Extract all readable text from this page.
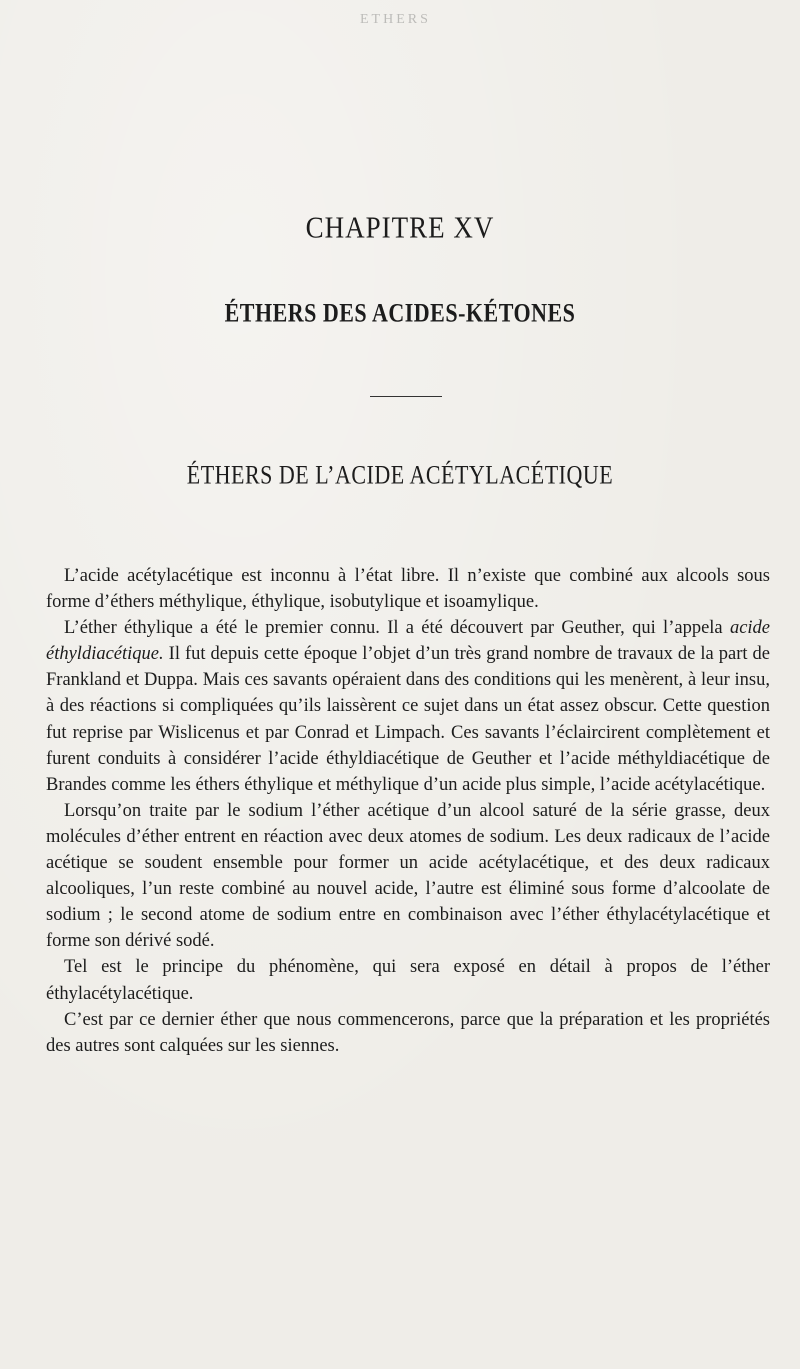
ETHERS
CHAPITRE XV
ÉTHERS DES ACIDES-KÉTONES
ÉTHERS DE L’ACIDE ACÉTYLACÉTIQUE

L’acide acétylacétique est inconnu à l’état libre. Il n’existe que combiné aux alcools sous forme d’éthers méthylique, éthylique, isobutylique et isoamylique.

L’éther éthylique a été le premier connu. Il a été découvert par Geuther, qui l’appela acide éthyldiacétique. Il fut depuis cette époque l’objet d’un très grand nombre de travaux de la part de Frankland et Duppa. Mais ces savants opéraient dans des conditions qui les menèrent, à leur insu, à des réactions si compliquées qu’ils laissèrent ce sujet dans un état assez obscur. Cette question fut reprise par Wislicenus et par Conrad et Limpach. Ces savants l’éclaircirent complètement et furent conduits à considérer l’acide éthyldiacétique de Geuther et l’acide méthyldiacétique de Brandes comme les éthers éthylique et méthylique d’un acide plus simple, l’acide acétylacétique.

Lorsqu’on traite par le sodium l’éther acétique d’un alcool saturé de la série grasse, deux molécules d’éther entrent en réaction avec deux atomes de sodium. Les deux radicaux de l’acide acétique se soudent ensemble pour former un acide acétylacétique, et des deux radicaux alcooliques, l’un reste combiné au nouvel acide, l’autre est éliminé sous forme d’alcoolate de sodium ; le second atome de sodium entre en combinaison avec l’éther éthylacétylacétique et forme son dérivé sodé.

Tel est le principe du phénomène, qui sera exposé en détail à propos de l’éther éthylacétylacétique.

C’est par ce dernier éther que nous commencerons, parce que la préparation et les propriétés des autres sont calquées sur les siennes.
